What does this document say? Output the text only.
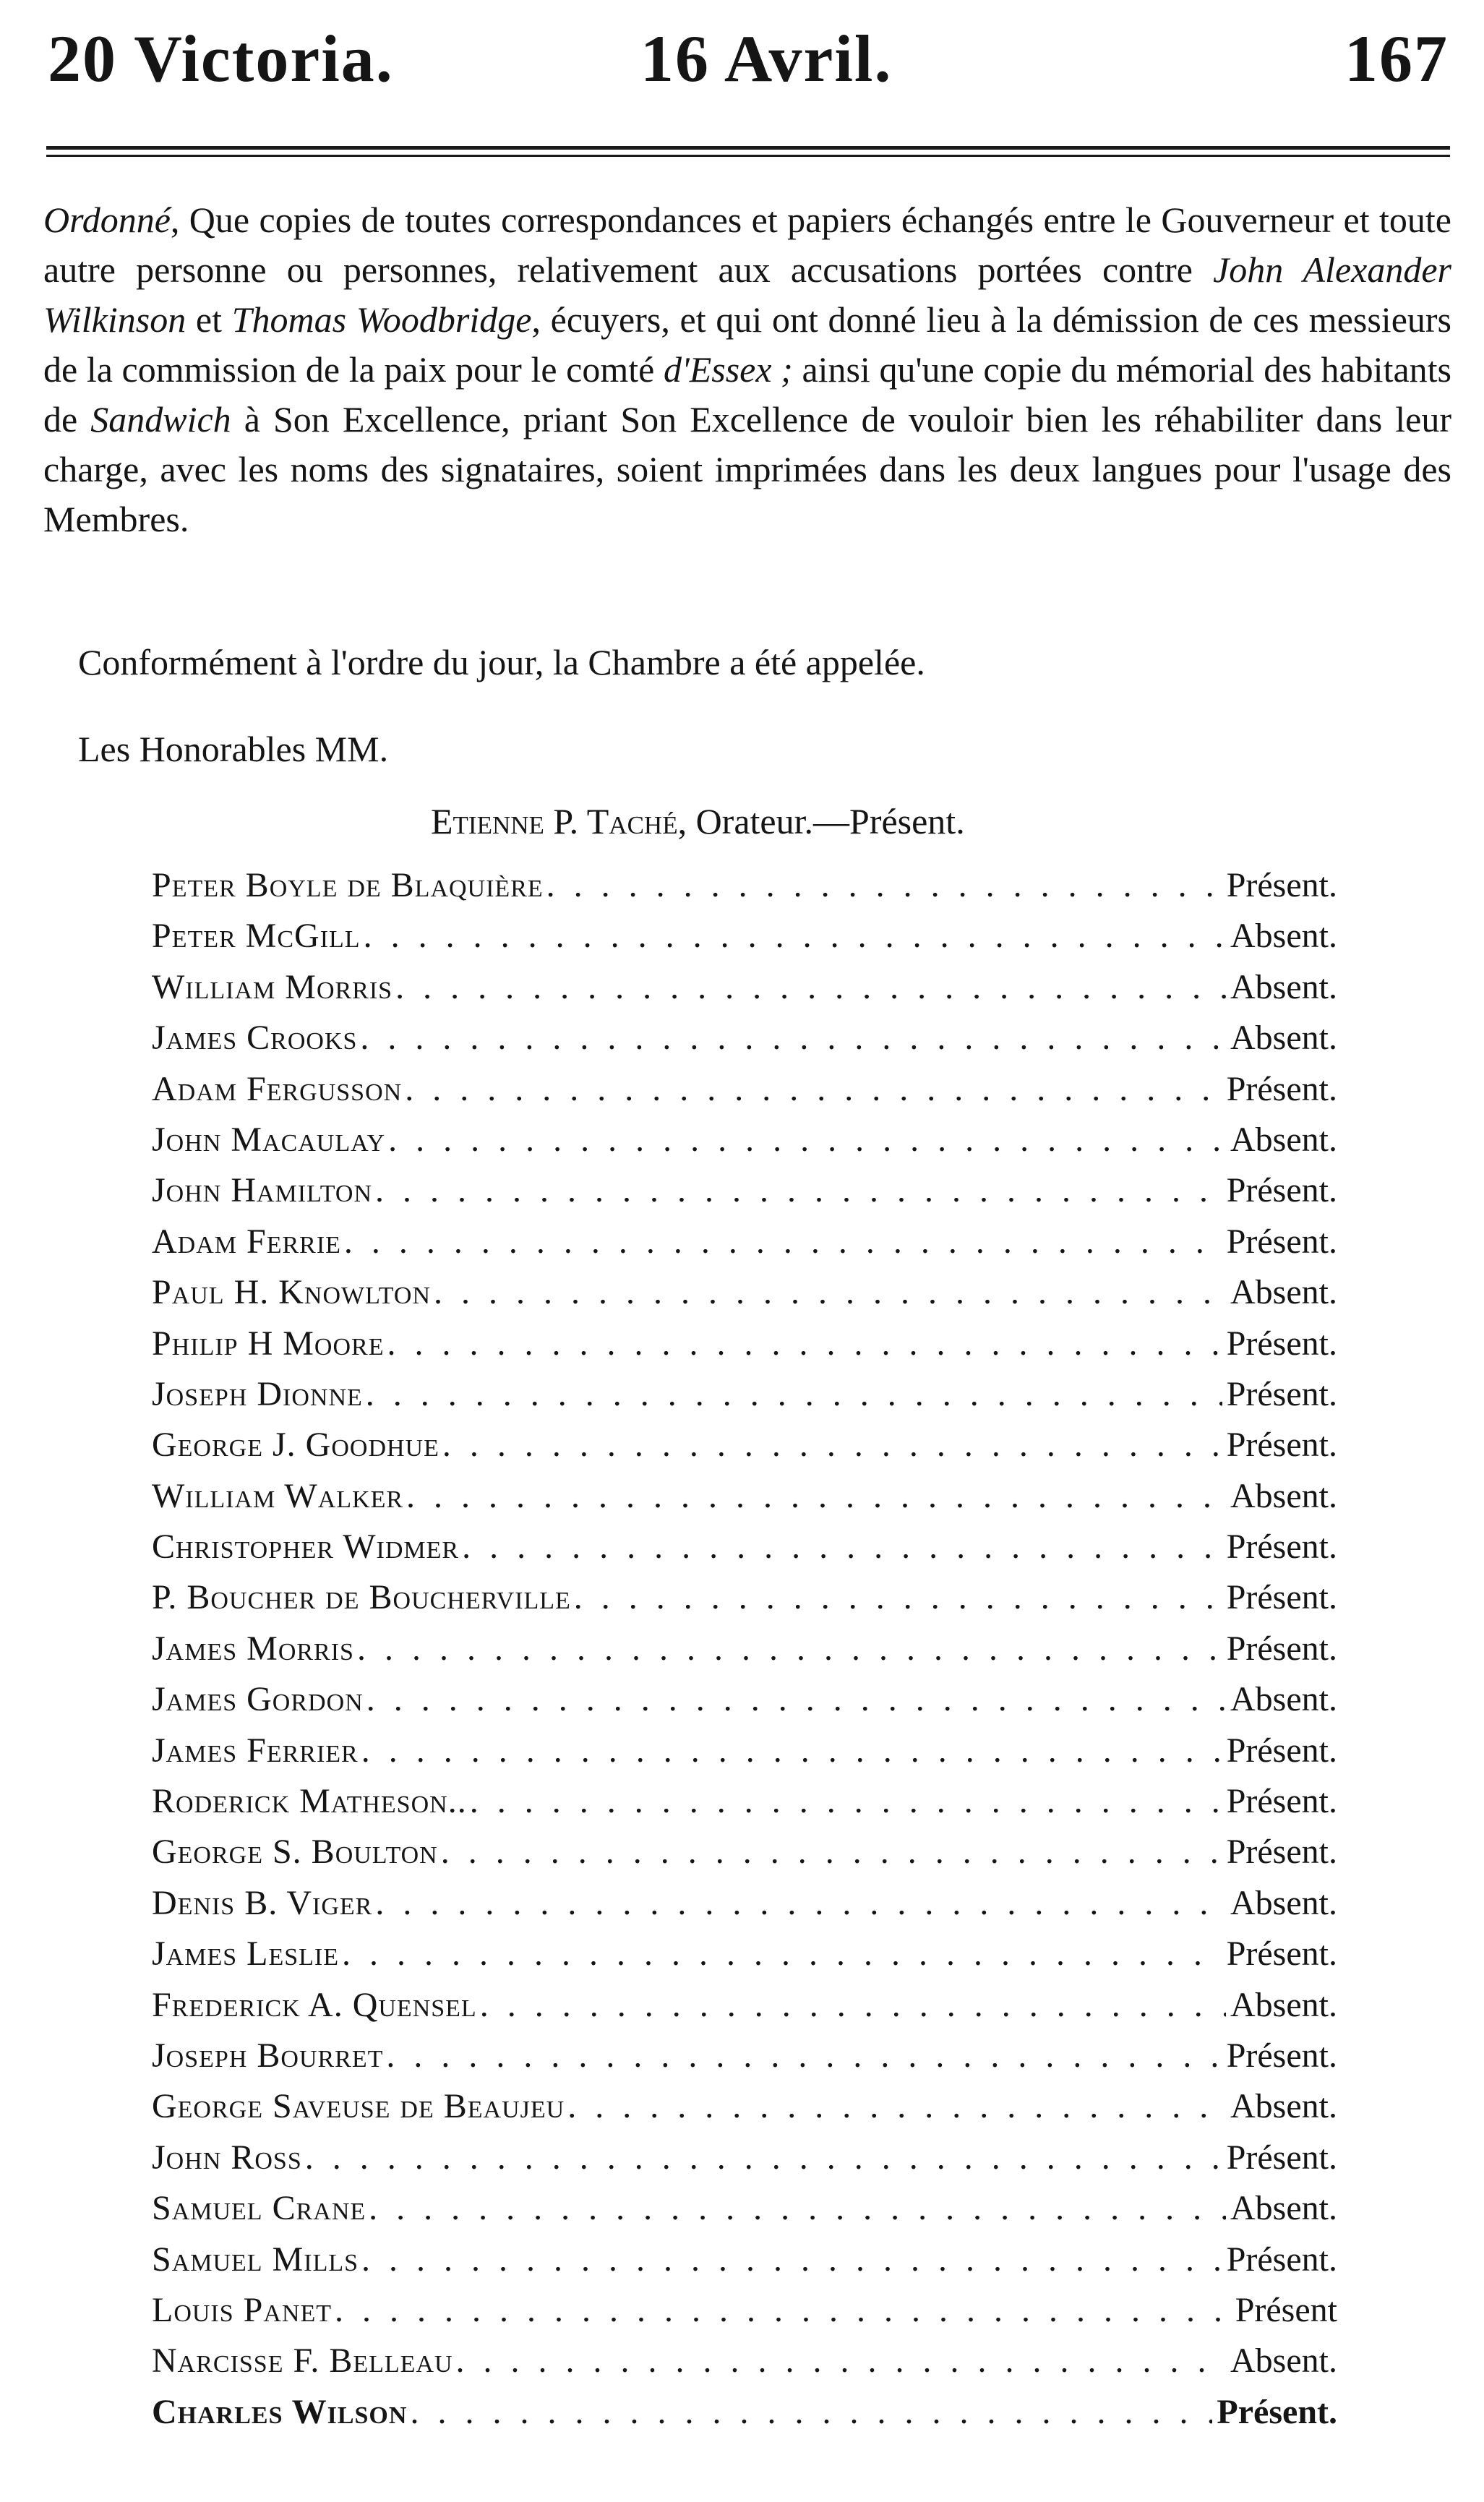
20 Victoria.	16 Avril.	167

Ordonné, Que copies de toutes correspondances et papiers échangés entre le Gouverneur et toute autre personne ou personnes, relativement aux accusations portées contre John Alexander Wilkinson et Thomas Woodbridge, écuyers, et qui ont donné lieu à la démission de ces messieurs de la commission de la paix pour le comté d'Essex ; ainsi qu'une copie du mémorial des habitants de Sandwich à Son Excellence, priant Son Excellence de vouloir bien les réhabiliter dans leur charge, avec les noms des signataires, soient imprimées dans les deux langues pour l'usage des Membres.

Conformément à l'ordre du jour, la Chambre a été appelée.

Les Honorables MM.

Etienne P. Taché, Orateur.—Présent.
Peter Boyle de Blaquière . . .	Présent.
Peter McGill . . .	Absent.
William Morris . . .	Absent.
James Crooks . . .	Absent.
Adam Fergusson . . .	Présent.
John Macaulay . . .	Absent.
John Hamilton . . .	Présent.
Adam Ferrie . . .	Présent.
Paul H. Knowlton . . .	Absent.
Philip H Moore . . .	Présent.
Joseph Dionne . . .	Présent.
George J. Goodhue . . .	Présent.
William Walker . . .	Absent.
Christopher Widmer . . .	Présent.
P. Boucher de Boucherville . . .	Présent.
James Morris . . .	Présent.
James Gordon . . .	Absent.
James Ferrier . . .	Présent.
Roderick Matheson.. . . .	Présent.
George S. Boulton . . .	Présent.
Denis B. Viger . . .	Absent.
James Leslie . . .	Présent.
Frederick A. Quensel . . .	Absent.
Joseph Bourret . . .	Présent.
George Saveuse de Beaujeu . . .	Absent.
John Ross . . .	Présent.
Samuel Crane . . .	Absent.
Samuel Mills . . .	Présent.
Louis Panet . . .	Présent
Narcisse F. Belleau . . .	Absent.
Charles Wilson . . .	Présent.
